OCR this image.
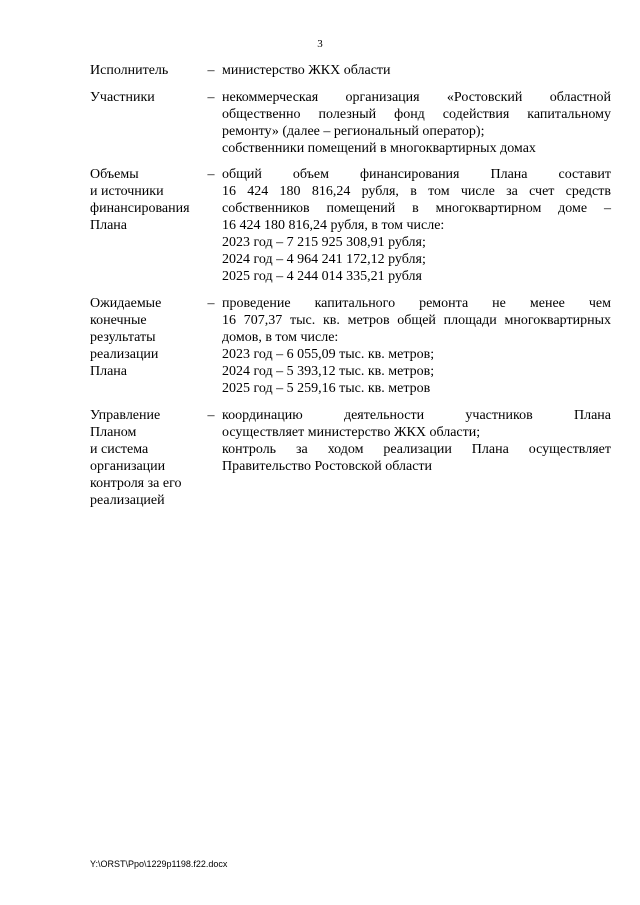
3
Исполнитель	– министерство ЖКХ области
Участники	– некоммерческая организация «Ростовский областной
общественно полезный фонд содействия капитальному
ремонту» (далее – региональный оператор);
собственники помещений в многоквартирных домах
Объемы
и источники
финансирования
Плана
– общий объем финансирования Плана составит
16 424 180 816,24 рубля, в том числе за счет средств
собственников помещений в многоквартирном доме –
16 424 180 816,24 рубля, в том числе:
2023 год – 7 215 925 308,91 рубля;
2024 год – 4 964 241 172,12 рубля;
2025 год – 4 244 014 335,21 рубля
Ожидаемые
конечные
результаты
реализации
Плана
– проведение капитального ремонта не менее чем
16 707,37 тыс. кв. метров общей площади многоквартирных
домов, в том числе:
2023 год – 6 055,09 тыс. кв. метров;
2024 год – 5 393,12 тыс. кв. метров;
2025 год – 5 259,16 тыс. кв. метров
Управление
Планом
и система
организации
контроля за его
реализацией
– координацию деятельности участников Плана
осуществляет министерство ЖКХ области;
контроль за ходом реализации Плана осуществляет
Правительство Ростовской области
Y:\ORST\Ppo\1229p1198.f22.docx
